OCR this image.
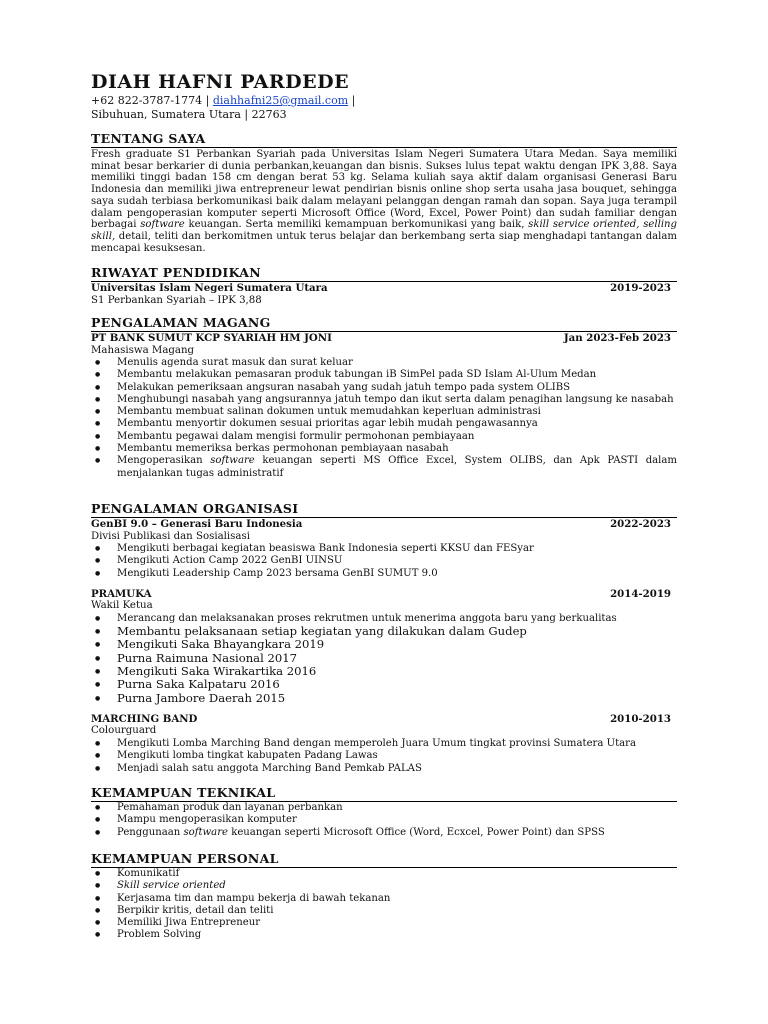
DIAH HAFNI PARDEDE
+62 822-3787-1774 | diahhafni25@gmail.com |
Sibuhuan, Sumatera Utara | 22763
TENTANG SAYA
Fresh graduate S1 Perbankan Syariah pada Universitas Islam Negeri Sumatera Utara Medan. Saya memiliki minat besar berkarier di dunia perbankan,keuangan dan bisnis. Sukses lulus tepat waktu dengan IPK 3,88. Saya memiliki tinggi badan 158 cm dengan berat 53 kg. Selama kuliah saya aktif dalam organisasi Generasi Baru Indonesia dan memiliki jiwa entrepreneur lewat pendirian bisnis online shop serta usaha jasa bouquet, sehingga saya sudah terbiasa berkomunikasi baik dalam melayani pelanggan dengan ramah dan sopan. Saya juga terampil dalam pengoperasian komputer seperti Microsoft Office (Word, Excel, Power Point) dan sudah familiar dengan berbagai software keuangan. Serta memiliki kemampuan berkomunikasi yang baik, skill service oriented, selling skill, detail, teliti dan berkomitmen untuk terus belajar dan berkembang serta siap menghadapi tantangan dalam mencapai kesuksesan.
RIWAYAT PENDIDIKAN
Universitas Islam Negeri Sumatera Utara	2019-2023
S1 Perbankan Syariah – IPK 3,88
PENGALAMAN MAGANG
PT BANK SUMUT KCP SYARIAH HM JONI	Jan 2023-Feb 2023
Mahasiswa Magang
● Menulis agenda surat masuk dan surat keluar
● Membantu melakukan pemasaran produk tabungan iB SimPel pada SD Islam Al-Ulum Medan
● Melakukan pemeriksaan angsuran nasabah yang sudah jatuh tempo pada system OLIBS
● Menghubungi nasabah yang angsurannya jatuh tempo dan ikut serta dalam penagihan langsung ke nasabah
● Membantu membuat salinan dokumen untuk memudahkan keperluan administrasi
● Membantu menyortir dokumen sesuai prioritas agar lebih mudah pengawasannya
● Membantu pegawai dalam mengisi formulir permohonan pembiayaan
● Membantu memeriksa berkas permohonan pembiayaan nasabah
● Mengoperasikan software keuangan seperti MS Office Excel, System OLIBS, dan Apk PASTI dalam menjalankan tugas administratif
PENGALAMAN ORGANISASI
GenBI 9.0 – Generasi Baru Indonesia	2022-2023
Divisi Publikasi dan Sosialisasi
● Mengikuti berbagai kegiatan beasiswa Bank Indonesia seperti KKSU dan FESyar
● Mengikuti Action Camp 2022 GenBI UINSU
● Mengikuti Leadership Camp 2023 bersama GenBI SUMUT 9.0
PRAMUKA	2014-2019
Wakil Ketua
● Merancang dan melaksanakan proses rekrutmen untuk menerima anggota baru yang berkualitas
● Membantu pelaksanaan setiap kegiatan yang dilakukan dalam Gudep
● Mengikuti Saka Bhayangkara 2019
● Purna Raimuna Nasional 2017
● Mengikuti Saka Wirakartika 2016
● Purna Saka Kalpataru 2016
● Purna Jambore Daerah 2015
MARCHING BAND	2010-2013
Colourguard
● Mengikuti Lomba Marching Band dengan memperoleh Juara Umum tingkat provinsi Sumatera Utara
● Mengikuti lomba tingkat kabupaten Padang Lawas
● Menjadi salah satu anggota Marching Band Pemkab PALAS
KEMAMPUAN TEKNIKAL
● Pemahaman produk dan layanan perbankan
● Mampu mengoperasikan komputer
● Penggunaan software keuangan seperti Microsoft Office (Word, Ecxcel, Power Point) dan SPSS
KEMAMPUAN PERSONAL
● Komunikatif
● Skill service oriented
● Kerjasama tim dan mampu bekerja di bawah tekanan
● Berpikir kritis, detail dan teliti
● Memiliki Jiwa Entrepreneur
● Problem Solving
